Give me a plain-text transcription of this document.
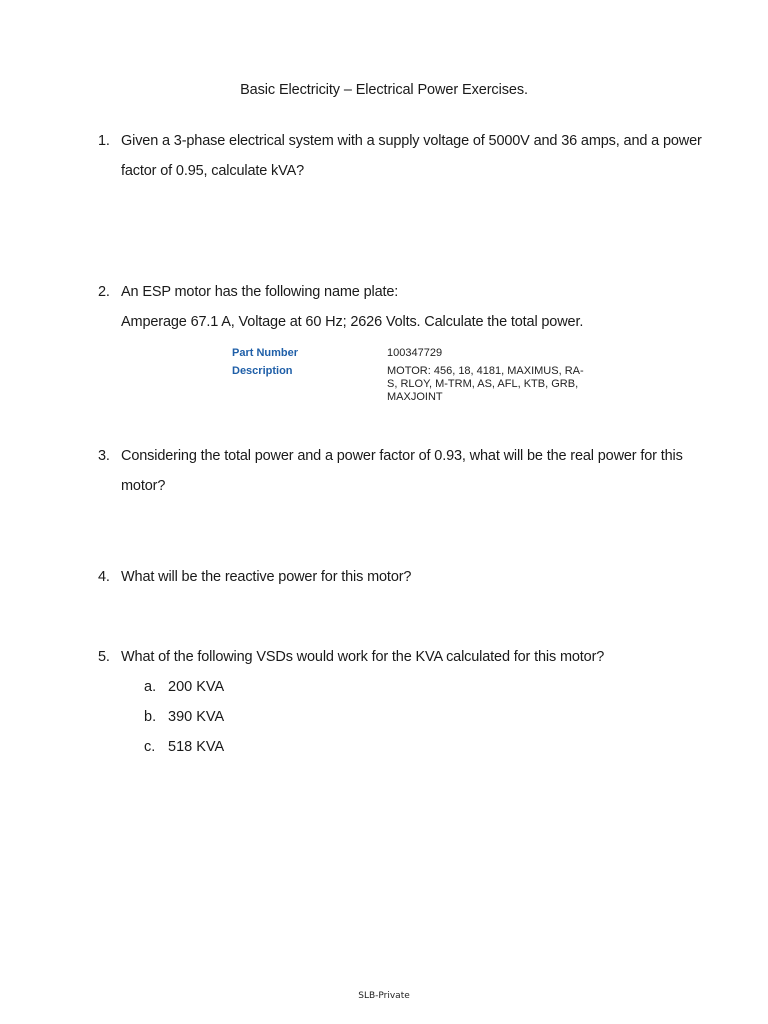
Basic Electricity – Electrical Power Exercises.
1. Given a 3-phase electrical system with a supply voltage of 5000V and 36 amps, and a power factor of 0.95, calculate kVA?
2. An ESP motor has the following name plate:
Amperage 67.1 A, Voltage at 60 Hz; 2626 Volts. Calculate the total power.
Part Number	100347729
Description	MOTOR: 456, 18, 4181, MAXIMUS, RA-S, RLOY, M-TRM, AS, AFL, KTB, GRB, MAXJOINT
3. Considering the total power and a power factor of 0.93, what will be the real power for this motor?
4. What will be the reactive power for this motor?
5. What of the following VSDs would work for the KVA calculated for this motor?
a. 200 KVA
b. 390 KVA
c. 518 KVA
SLB-Private
